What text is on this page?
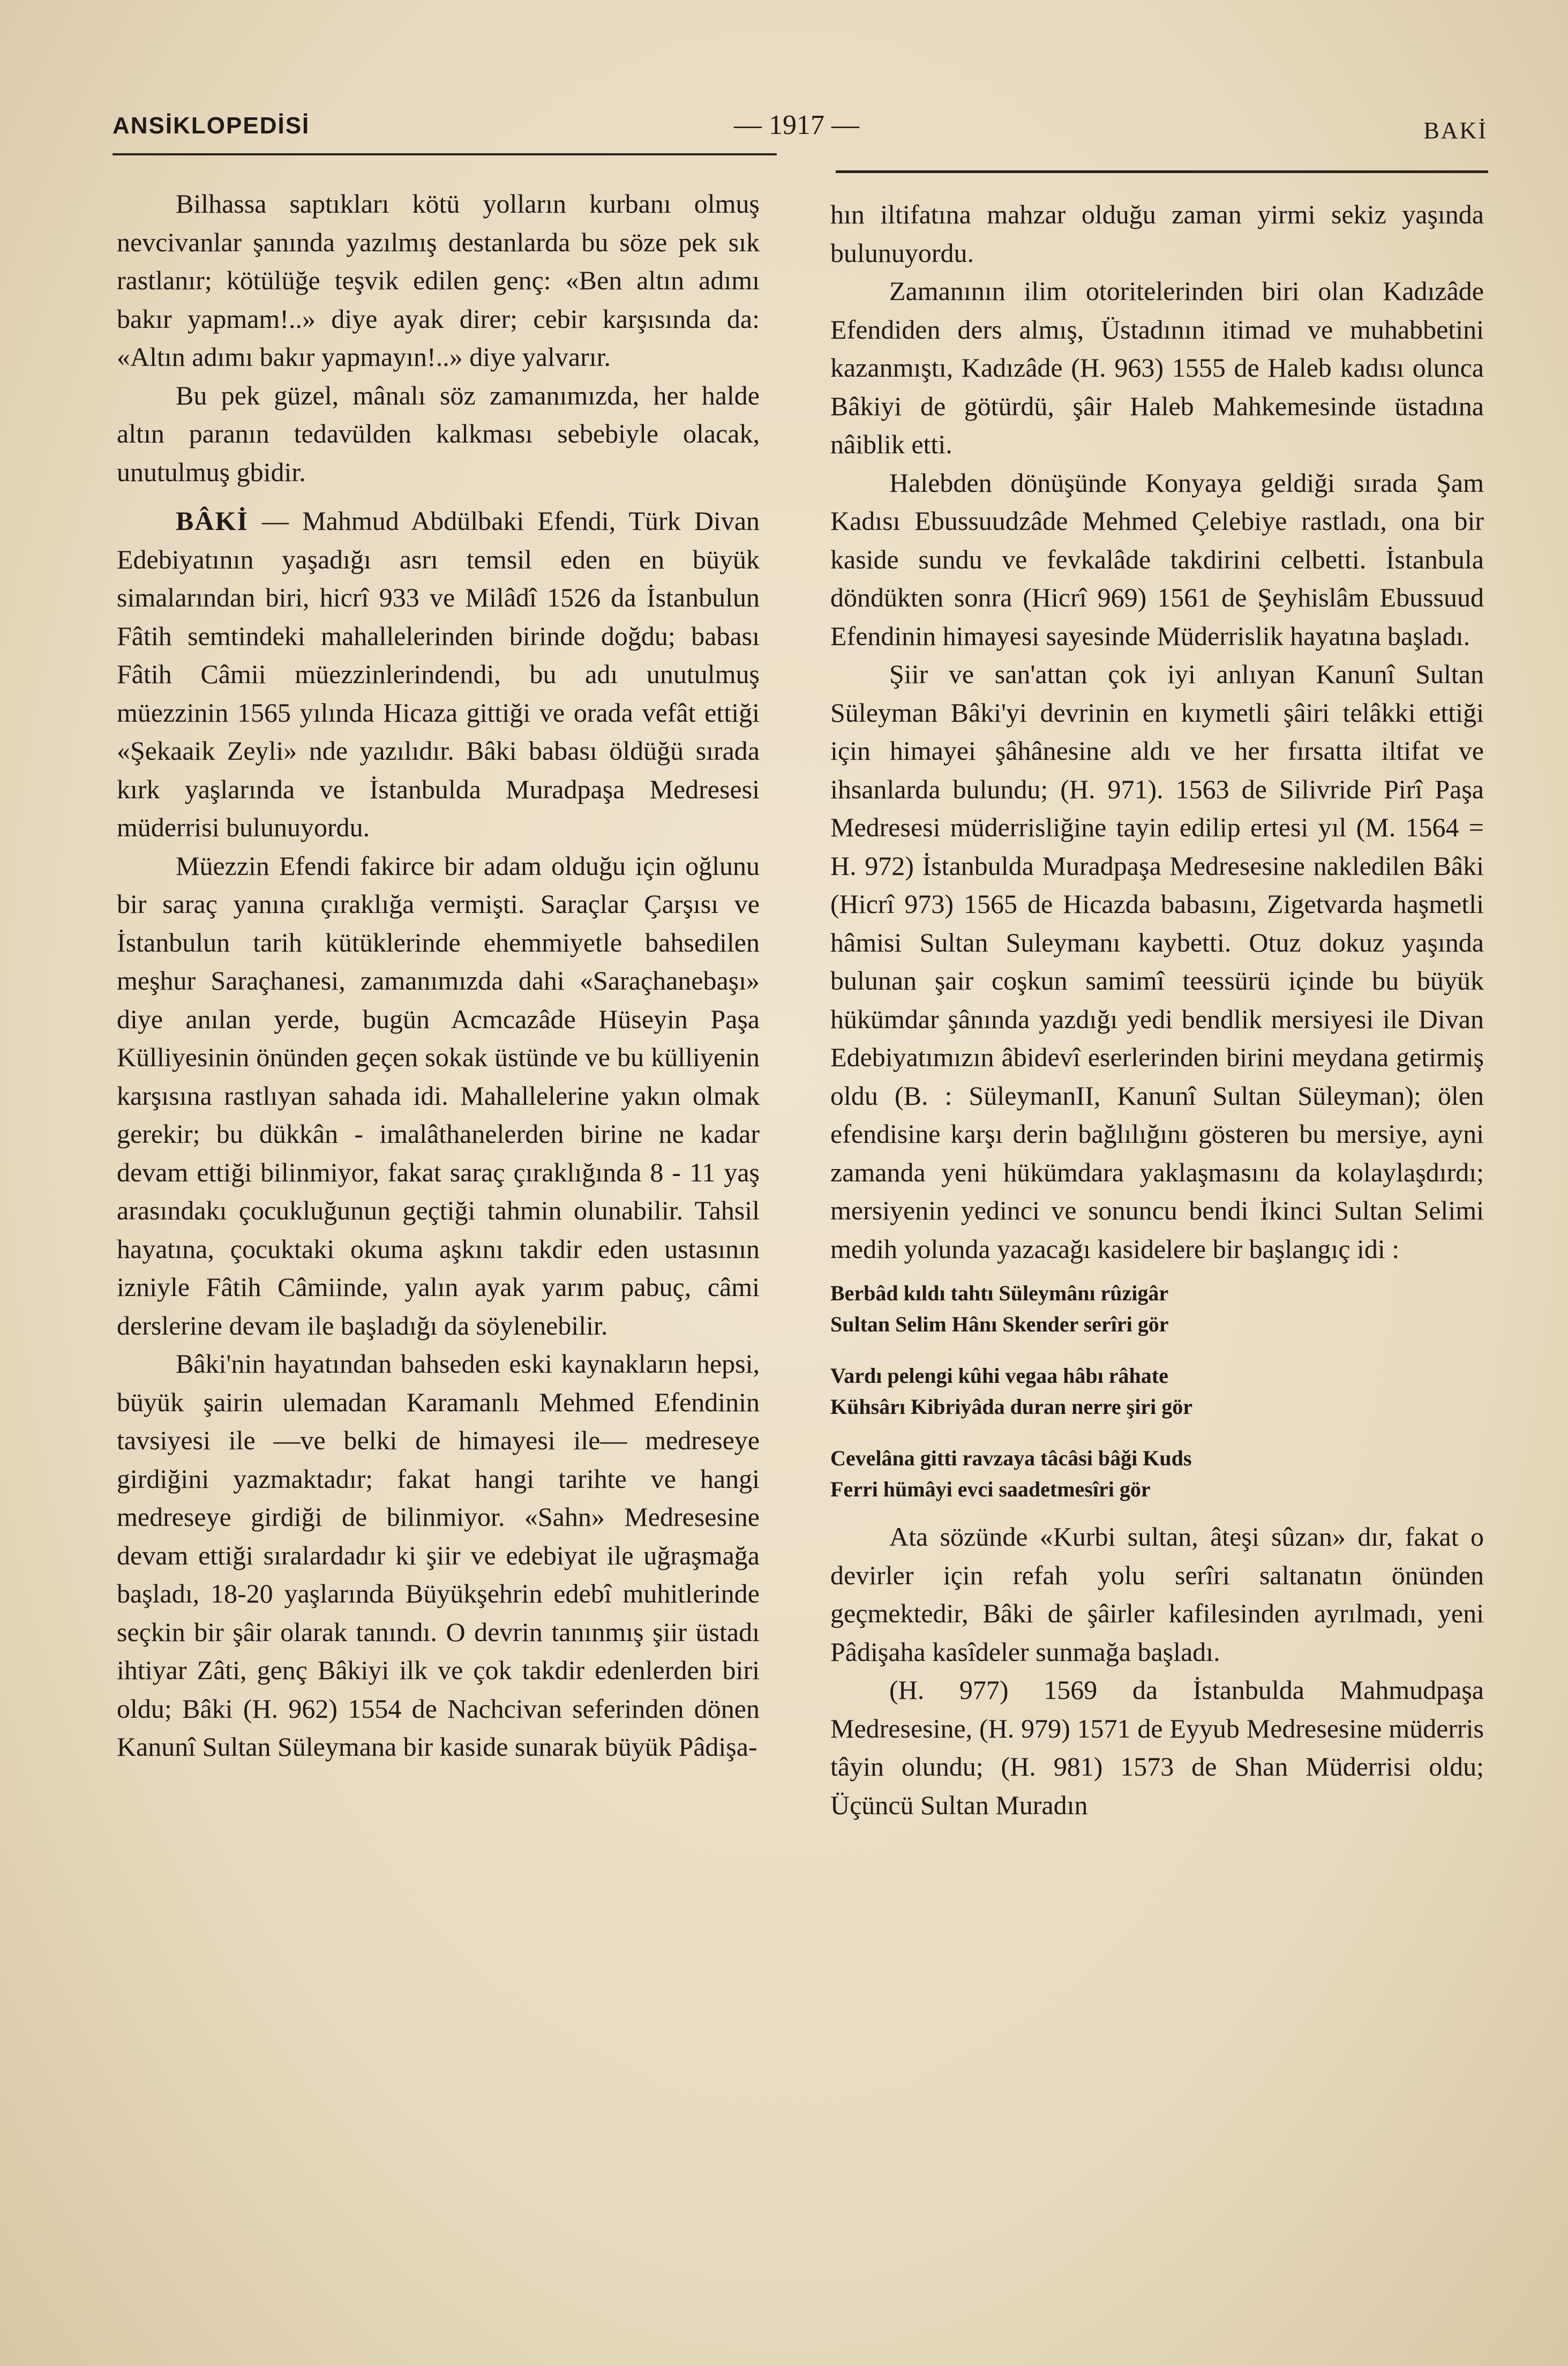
ANSİKLOPEDİSİ	— 1917 —	BAKİ

Bilhassa saptıkları kötü yolların kurbanı olmuş nevcivanlar şanında yazılmış destanlarda bu söze pek sık rastlanır; kötülüğe teşvik edilen genç: «Ben altın adımı bakır yapmam!..» diye ayak direr; cebir karşısında da: «Altın adımı bakır yapmayın!..» diye yalvarır.

Bu pek güzel, mânalı söz zamanımızda, her halde altın paranın tedavülden kalkması sebebiyle olacak, unutulmuş gbidir.

BÂKİ — Mahmud Abdülbaki Efendi, Türk Divan Edebiyatının yaşadığı asrı temsil eden en büyük simalarından biri, hicrî 933 ve Milâdî 1526 da İstanbulun Fâtih semtindeki mahallelerinden birinde doğdu; babası Fâtih Câmii müezzinlerindendi, bu adı unutulmuş müezzinin 1565 yılında Hicaza gittiği ve orada vefât ettiği «Şekaaik Zeyli» nde yazılıdır. Bâki babası öldüğü sırada kırk yaşlarında ve İstanbulda Muradpaşa Medresesi müderrisi bulunuyordu.

Müezzin Efendi fakirce bir adam olduğu için oğlunu bir saraç yanına çıraklığa vermişti. Saraçlar Çarşısı ve İstanbulun tarih kütüklerinde ehemmiyetle bahsedilen meşhur Saraçhanesi, zamanımızda dahi «Saraçhanebaşı» diye anılan yerde, bugün Acmcazâde Hüseyin Paşa Külliyesinin önünden geçen sokak üstünde ve bu külliyenin karşısına rastlıyan sahada idi. Mahallelerine yakın olmak gerekir; bu dükkân - imalâthanelerden birine ne kadar devam ettiği bilinmiyor, fakat saraç çıraklığında 8 - 11 yaş arasındakı çocukluğunun geçtiği tahmin olunabilir. Tahsil hayatına, çocuktaki okuma aşkını takdir eden ustasının izniyle Fâtih Câmiinde, yalın ayak yarım pabuç, câmi derslerine devam ile başladığı da söylenebilir.

Bâki'nin hayatından bahseden eski kaynakların hepsi, büyük şairin ulemadan Karamanlı Mehmed Efendinin tavsiyesi ile —ve belki de himayesi ile— medreseye girdiğini yazmaktadır; fakat hangi tarihte ve hangi medreseye girdiği de bilinmiyor. «Sahn» Medresesine devam ettiği sıralardadır ki şiir ve edebiyat ile uğraşmağa başladı, 18-20 yaşlarında Büyükşehrin edebî muhitlerinde seçkin bir şâir olarak tanındı. O devrin tanınmış şiir üstadı ihtiyar Zâti, genç Bâkiyi ilk ve çok takdir edenlerden biri oldu; Bâki (H. 962) 1554 de Nachcivan seferinden dönen Kanunî Sultan Süleymana bir kaside sunarak büyük Pâdişa-

hın iltifatına mahzar olduğu zaman yirmi sekiz yaşında bulunuyordu.

Zamanının ilim otoritelerinden biri olan Kadızâde Efendiden ders almış, Üstadının itimad ve muhabbetini kazanmıştı, Kadızâde (H. 963) 1555 de Haleb kadısı olunca Bâkiyi de götürdü, şâir Haleb Mahkemesinde üstadına nâiblik etti.

Halebden dönüşünde Konyaya geldiği sırada Şam Kadısı Ebussuudzâde Mehmed Çelebiye rastladı, ona bir kaside sundu ve fevkalâde takdirini celbetti. İstanbula döndükten sonra (Hicrî 969) 1561 de Şeyhislâm Ebussuud Efendinin himayesi sayesinde Müderrislik hayatına başladı.

Şiir ve san'attan çok iyi anlıyan Kanunî Sultan Süleyman Bâki'yi devrinin en kıymetli şâiri telâkki ettiği için himayei şâhânesine aldı ve her fırsatta iltifat ve ihsanlarda bulundu; (H. 971). 1563 de Silivride Pirî Paşa Medresesi müderrisliğine tayin edilip ertesi yıl (M. 1564 = H. 972) İstanbulda Muradpaşa Medresesine nakledilen Bâki (Hicrî 973) 1565 de Hicazda babasını, Zigetvarda haşmetli hâmisi Sultan Suleymanı kaybetti. Otuz dokuz yaşında bulunan şair coşkun samimî teessürü içinde bu büyük hükümdar şânında yazdığı yedi bendlik mersiyesi ile Divan Edebiyatımızın âbidevî eserlerinden birini meydana getirmiş oldu (B. : SüleymanII, Kanunî Sultan Süleyman); ölen efendisine karşı derin bağlılığını gösteren bu mersiye, ayni zamanda yeni hükümdara yaklaşmasını da kolaylaşdırdı; mersiyenin yedinci ve sonuncu bendi İkinci Sultan Selimi medih yolunda yazacağı kasidelere bir başlangıç idi :

Berbâd kıldı tahtı Süleymânı rûzigâr
Sultan Selim Hânı Skender serîri gör
Vardı pelengi kûhi vegaa hâbı râhate
Kühsârı Kibriyâda duran nerre şiri gör
Cevelâna gitti ravzaya tâcâsi bâği Kuds
Ferri hümâyi evci saadetmesîri gör

Ata sözünde «Kurbi sultan, âteşi sûzan» dır, fakat o devirler için refah yolu serîri saltanatın önünden geçmektedir, Bâki de şâirler kafilesinden ayrılmadı, yeni Pâdişaha kasîdeler sunmağa başladı.

(H. 977) 1569 da İstanbulda Mahmudpaşa Medresesine, (H. 979) 1571 de Eyyub Medresesine müderris tâyin olundu; (H. 981) 1573 de Shan Müderrisi oldu; Üçüncü Sultan Muradın
